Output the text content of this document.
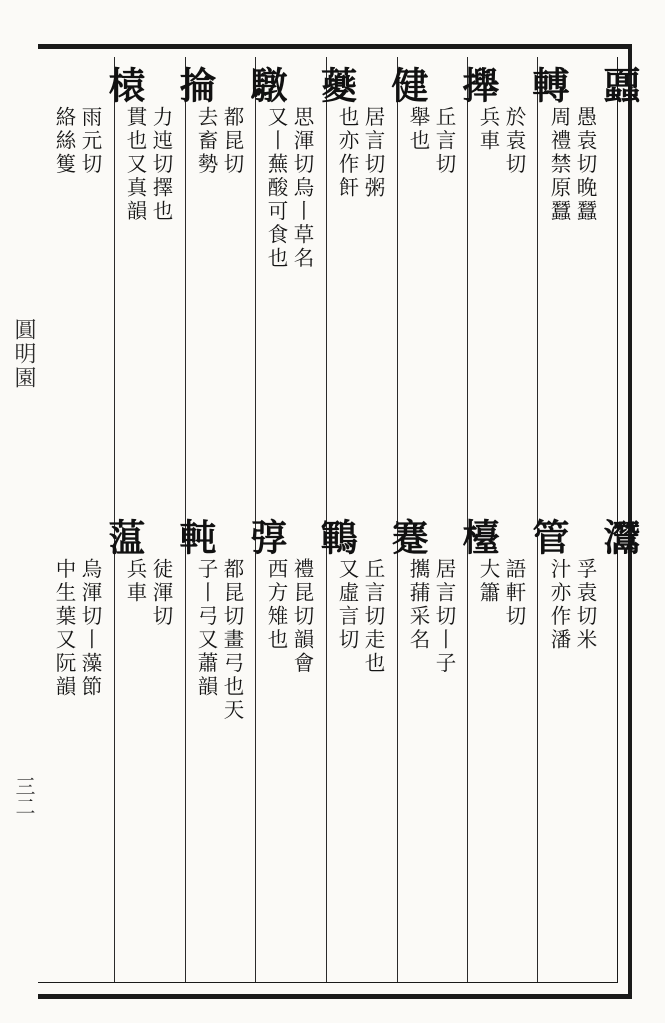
圓明園
三二
蠠
愚袁切晚蠶
周禮禁原蠶
𨍭
於袁切
兵車
攑
丘言切
舉也
健
居言切粥
也亦作飦
𧃍
思渾切烏丨草名
又丨蕪酸可食也
驐
都昆切
去畜勢
掄
力迍切擇也
貫也又真韻
榬
雨元切
絡絲篗
灊
孚袁切米
汁亦作潘
管
語軒切
大簫
檯
居言切丨子
𢹂蒱采名
蹇
丘言切走也
又虛言切
鶤
禮昆切韻會
西方雉也
弴
都昆切畫弓也天
子丨弓又蕭韻
軘
徒渾切
兵車
蕰
烏渾切丨藻節
中生葉又阮韻
